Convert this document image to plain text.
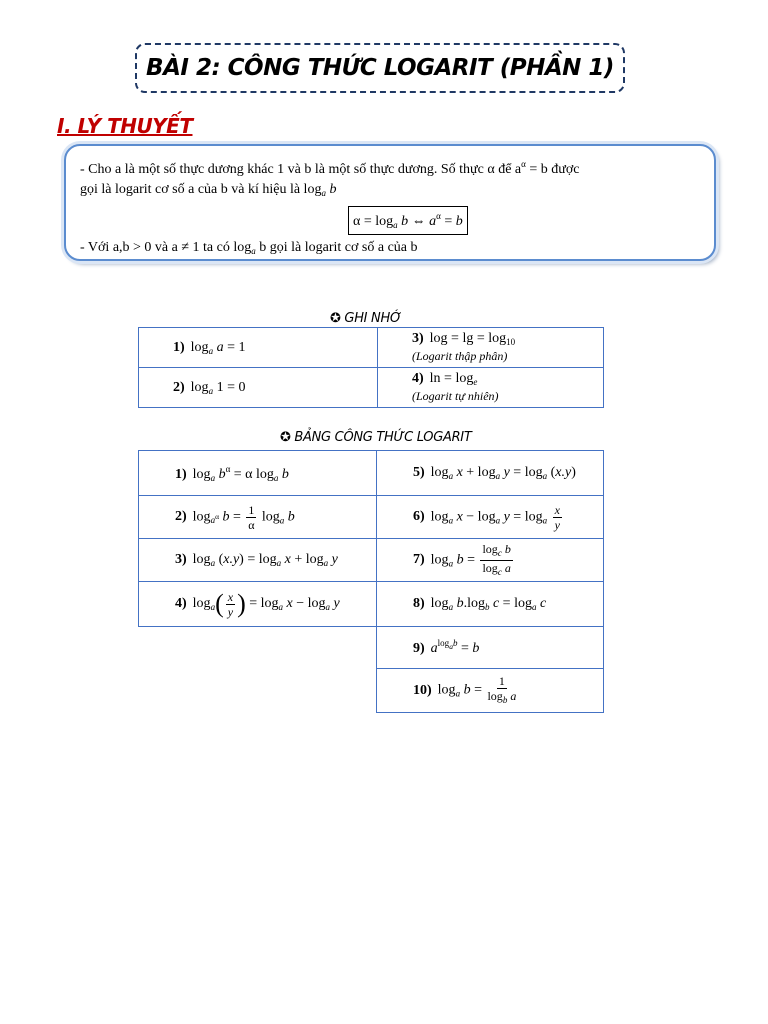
BÀI 2: CÔNG THỨC LOGARIT (PHẦN 1)
I. LÝ THUYẾT
- Cho a là một số thực dương khác 1 và b là một số thực dương. Số thực α để $a^\alpha = b$ được
gọi là logarit cơ số a của b và kí hiệu là $\log_a b$
$\alpha = \log_a b$ ⇔ $a^\alpha = b$
- Với a,b > 0 và a ≠ 1 ta có $\log_a b$ gọi là logarit cơ số a của b
✪ GHI NHỚ
1) $\log_a a = 1$	3) $\log = \lg = \log_{10}$
(Logarit thập phân)

2) $\log_a 1 = 0$	4) $\ln = \log_e$
(Logarit tự nhiên)
✪ BẢNG CÔNG THỨC LOGARIT
1) $\log_a b^\alpha = \alpha$ $\log_a b$	5) $\log_a x + \log_a y = \log_a (x.y)$
2) $\log_{a^\alpha} b = \frac{1}{\alpha} \log_a b$	6) $\log_a x - \log_a y = \log_a \frac{x}{y}$

3) $\log_a (x.y) = \log_a x + \log_a y$	7) $\log_a b = \frac{\log_c b}{\log_c a}$

4) $\log_a( \frac{x}{y}$ ) = $\log_a x - \log_a y$	8) $\log_a b.\log_b$ $c = \log_a c$
	9) $a^{log_ab} = b$
	10) $\log_a b = \frac{1}{\log_b a}$
